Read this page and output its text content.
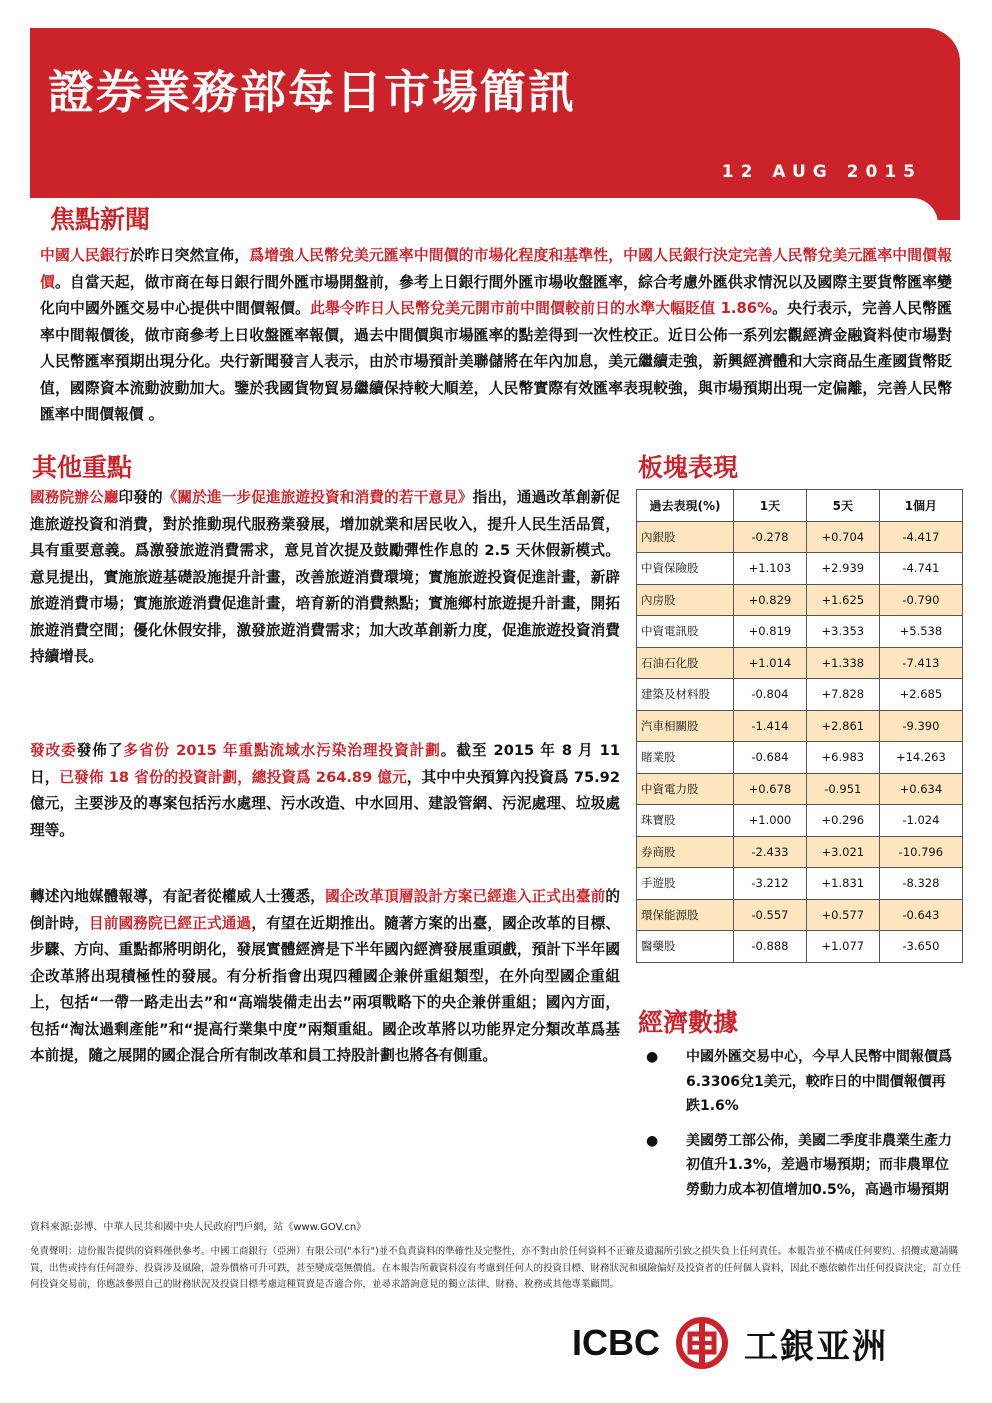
證券業務部每日市場簡訊
12 AUG 2015
焦點新聞
中國人民銀行於昨日突然宣佈，爲增強人民幣兌美元匯率中間價的市場化程度和基準性，中國人民銀行決定完善人民幣兌美元匯率中間價報價。自當天起，做市商在每日銀行間外匯市場開盤前，參考上日銀行間外匯市場收盤匯率，綜合考慮外匯供求情況以及國際主要貨幣匯率變化向中國外匯交易中心提供中間價報價。此舉令昨日人民幣兌美元開市前中間價較前日的水準大幅貶值 1.86%。央行表示，完善人民幣匯率中間報價後，做市商參考上日收盤匯率報價，過去中間價與市場匯率的點差得到一次性校正。近日公佈一系列宏觀經濟金融資料使市場對人民幣匯率預期出現分化。央行新聞發言人表示，由於市場預計美聯儲將在年內加息，美元繼續走強，新興經濟體和大宗商品生產國貨幣貶值，國際資本流動波動加大。鑒於我國貨物貿易繼續保持較大順差，人民幣實際有效匯率表現較強，與市場預期出現一定偏離，完善人民幣匯率中間價報價 。
其他重點
國務院辦公廳印發的《關於進一步促進旅遊投資和消費的若干意見》指出，通過改革創新促進旅遊投資和消費，對於推動現代服務業發展，增加就業和居民收入，提升人民生活品質，具有重要意義。爲激發旅遊消費需求，意見首次提及鼓勵彈性作息的 2.5 天休假新模式。意見提出，實施旅遊基礎設施提升計畫，改善旅遊消費環境；實施旅遊投資促進計畫，新辟旅遊消費市場；實施旅遊消費促進計畫，培育新的消費熱點；實施鄉村旅遊提升計畫，開拓旅遊消費空間；優化休假安排，激發旅遊消費需求；加大改革創新力度，促進旅遊投資消費持續增長。
發改委發佈了多省份 2015 年重點流域水污染治理投資計劃。截至 2015 年 8 月 11 日，已發佈 18 省份的投資計劃，總投資爲 264.89 億元，其中中央預算內投資爲 75.92 億元，主要涉及的專案包括污水處理、污水改造、中水回用、建設管網、污泥處理、垃圾處理等。
轉述內地媒體報導，有記者從權威人士獲悉，國企改革頂層設計方案已經進入正式出臺前的倒計時，目前國務院已經正式通過，有望在近期推出。隨著方案的出臺，國企改革的目標、步驟、方向、重點都將明朗化，發展實體經濟是下半年國內經濟發展重頭戲，預計下半年國企改革將出現積極性的發展。有分析指會出現四種國企兼併重組類型，在外向型國企重組上，包括“一帶一路走出去”和“高端裝備走出去”兩項戰略下的央企兼併重組；國內方面，包括“淘汰過剩產能”和“提高行業集中度”兩類重組。國企改革將以功能界定分類改革爲基本前提，隨之展開的國企混合所有制改革和員工持股計劃也將各有側重。
板塊表現
過去表現(%)	1天	5天	1個月
內銀股	-0.278	+0.704	-4.417
中資保險股	+1.103	+2.939	-4.741
內房股	+0.829	+1.625	-0.790
中資電訊股	+0.819	+3.353	+5.538
石油石化股	+1.014	+1.338	-7.413
建築及材料股	-0.804	+7.828	+2.685
汽車相關股	-1.414	+2.861	-9.390
賭業股	-0.684	+6.983	+14.263
中資電力股	+0.678	-0.951	+0.634
珠寶股	+1.000	+0.296	-1.024
券商股	-2.433	+3.021	-10.796
手遊股	-3.212	+1.831	-8.328
環保能源股	-0.557	+0.577	-0.643
醫藥股	-0.888	+1.077	-3.650
經濟數據
● 中國外匯交易中心，今早人民幣中間報價爲6.3306兌1美元，較昨日的中間價報價再跌1.6%
● 美國勞工部公佈，美國二季度非農業生產力初值升1.3%，差過市場預期；而非農單位勞動力成本初值增加0.5%，高過市場預期
資料來源:彭博、中華人民共和國中央人民政府門戶網，站《www.GOV.cn》
免責聲明：這份報告提供的資料僅供參考。中國工商銀行（亞洲）有限公司("本行")並不負責資料的準確性及完整性，亦不對由於任何資料不正確及遺漏所引致之損失負上任何責任。本報告並不構成任何要約、招攬或邀請購買，出售或持有任何證券、投資涉及風險，證券價格可升可跌，甚至變成毫無價值。在本報告所載資料沒有考慮到任何人的投資目標、財務狀況和風險偏好及投資者的任何個人資料，因此不應依賴作出任何投資決定，訂立任何投資交易前，你應該參照自己的財務狀況及投資目標考慮這種買賣是否適合你，並尋求諮詢意見的獨立法律、財務、稅務或其他專業顧問。
ICBC 工銀亚洲
